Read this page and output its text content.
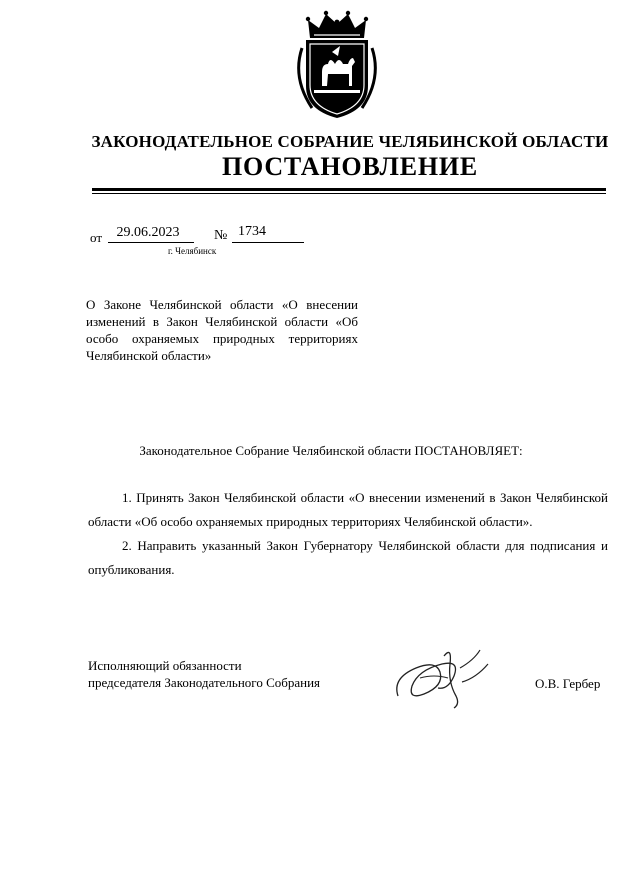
ЗАКОНОДАТЕЛЬНОЕ СОБРАНИЕ ЧЕЛЯБИНСКОЙ ОБЛАСТИ
ПОСТАНОВЛЕНИЕ
от	29.06.2023	№ 1734
г. Челябинск
О Законе Челябинской области «О внесении изменений в Закон Челябинской области «Об особо охраняемых природных территориях Челябинской области»
Законодательное Собрание Челябинской области ПОСТАНОВЛЯЕТ:

1. Принять Закон Челябинской области «О внесении изменений в Закон Челябинской области «Об особо охраняемых природных территориях Челябинской области».

2. Направить указанный Закон Губернатору Челябинской области для подписания и опубликования.

Исполняющий обязанности
председателя Законодательного Собрания	О.В. Гербер
